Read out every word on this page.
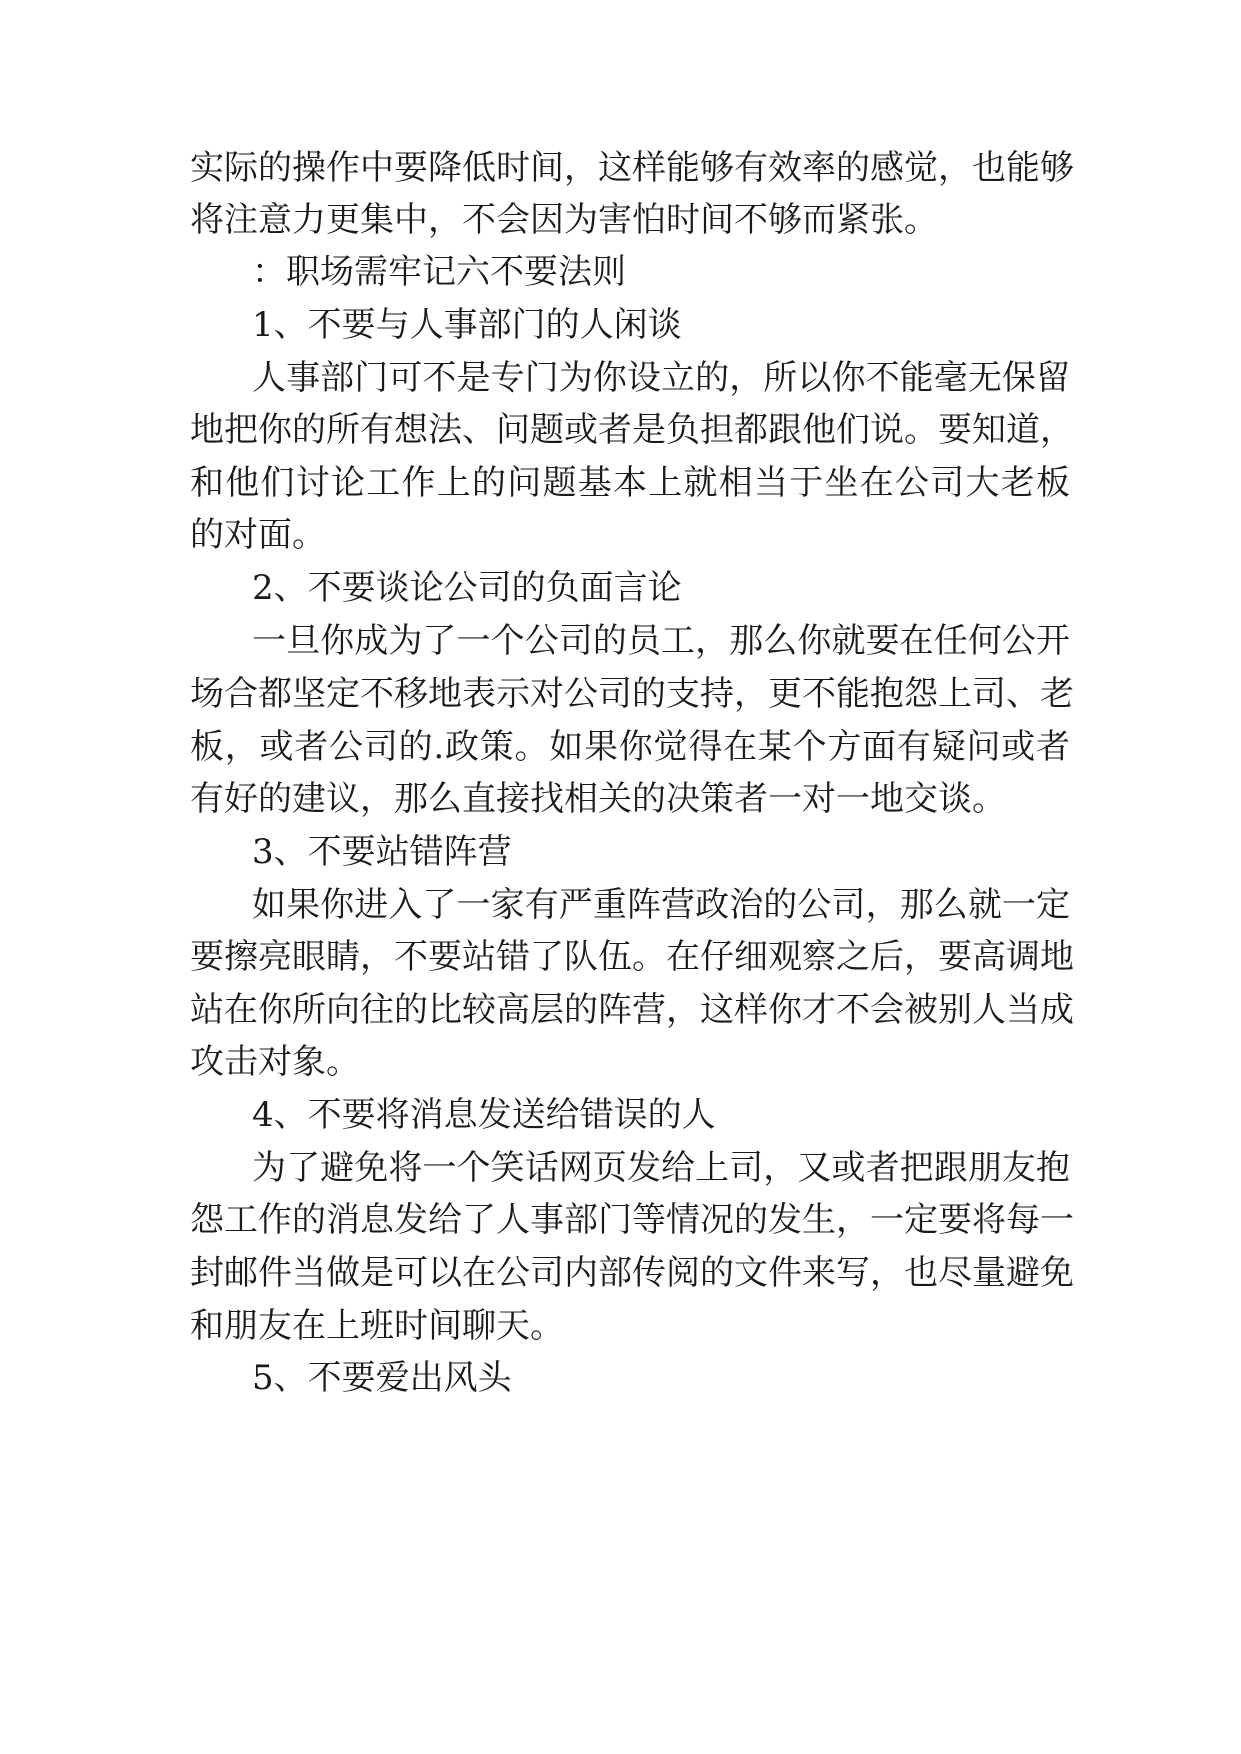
实际的操作中要降低时间，这样能够有效率的感觉，也能够
将注意力更集中，不会因为害怕时间不够而紧张。
：职场需牢记六不要法则
1、不要与人事部门的人闲谈
人事部门可不是专门为你设立的，所以你不能毫无保留
地把你的所有想法、问题或者是负担都跟他们说。要知道，
和他们讨论工作上的问题基本上就相当于坐在公司大老板
的对面。
2、不要谈论公司的负面言论
一旦你成为了一个公司的员工，那么你就要在任何公开
场合都坚定不移地表示对公司的支持，更不能抱怨上司、老
板，或者公司的.政策。如果你觉得在某个方面有疑问或者
有好的建议，那么直接找相关的决策者一对一地交谈。
3、不要站错阵营
如果你进入了一家有严重阵营政治的公司，那么就一定
要擦亮眼睛，不要站错了队伍。在仔细观察之后，要高调地
站在你所向往的比较高层的阵营，这样你才不会被别人当成
攻击对象。
4、不要将消息发送给错误的人
为了避免将一个笑话网页发给上司，又或者把跟朋友抱
怨工作的消息发给了人事部门等情况的发生，一定要将每一
封邮件当做是可以在公司内部传阅的文件来写，也尽量避免
和朋友在上班时间聊天。
5、不要爱出风头
